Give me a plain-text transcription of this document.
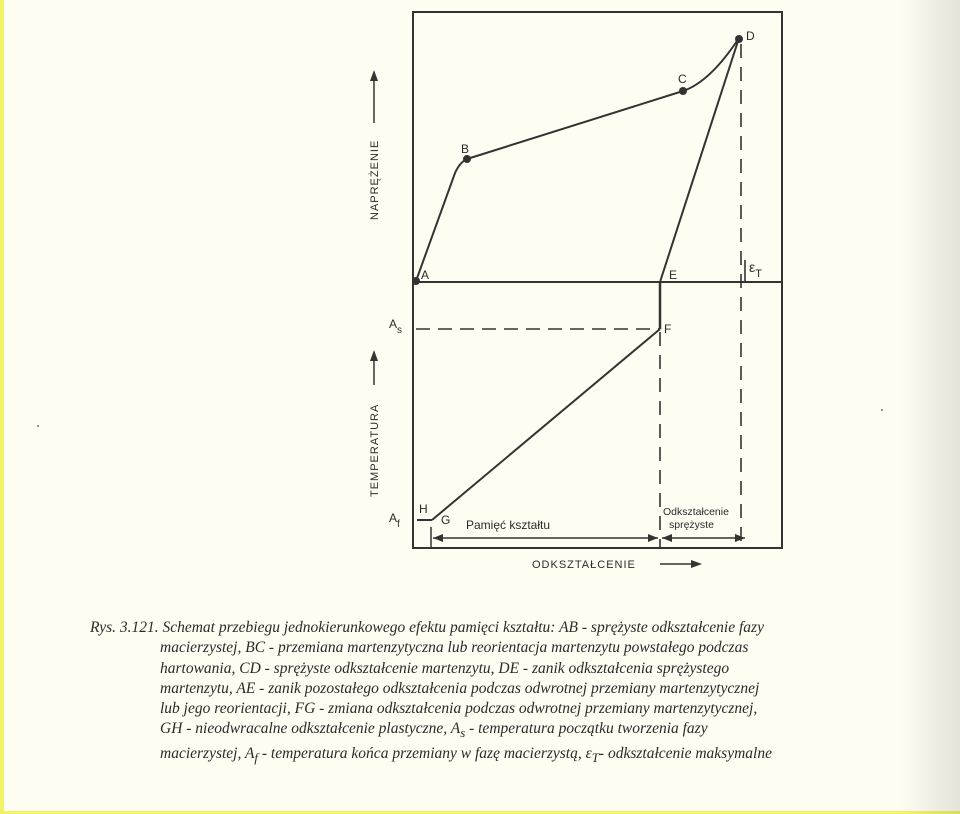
A
B
C
D
E
F
G
H
$A_s$
$A_f$
$\varepsilon_T$
Pamięć kształtu
Odkształcenie
sprężyste
NAPRĘŻENIE
TEMPERATURA
ODKSZTAŁCENIE

Rys. 3.121. Schemat przebiegu jednokierunkowego efektu pamięci kształtu: AB - sprężyste odkształcenie fazy

macierzystej, BC - przemiana martenzytyczna lub reorientacja martenzytu powstałego podczas

hartowania, CD - sprężyste odkształcenie martenzytu, DE - zanik odkształcenia sprężystego

martenzytu, AE - zanik pozostałego odkształcenia podczas odwrotnej przemiany martenzytycznej

lub jego reorientacji, FG - zmiana odkształcenia podczas odwrotnej przemiany martenzytycznej,

GH - nieodwracalne odkształcenie plastyczne, $A_s$ - temperatura początku tworzenia fazy

macierzystej, $A_f$ - temperatura końca przemiany w fazę macierzystą, $\varepsilon_T-$ odkształcenie maksymalne
